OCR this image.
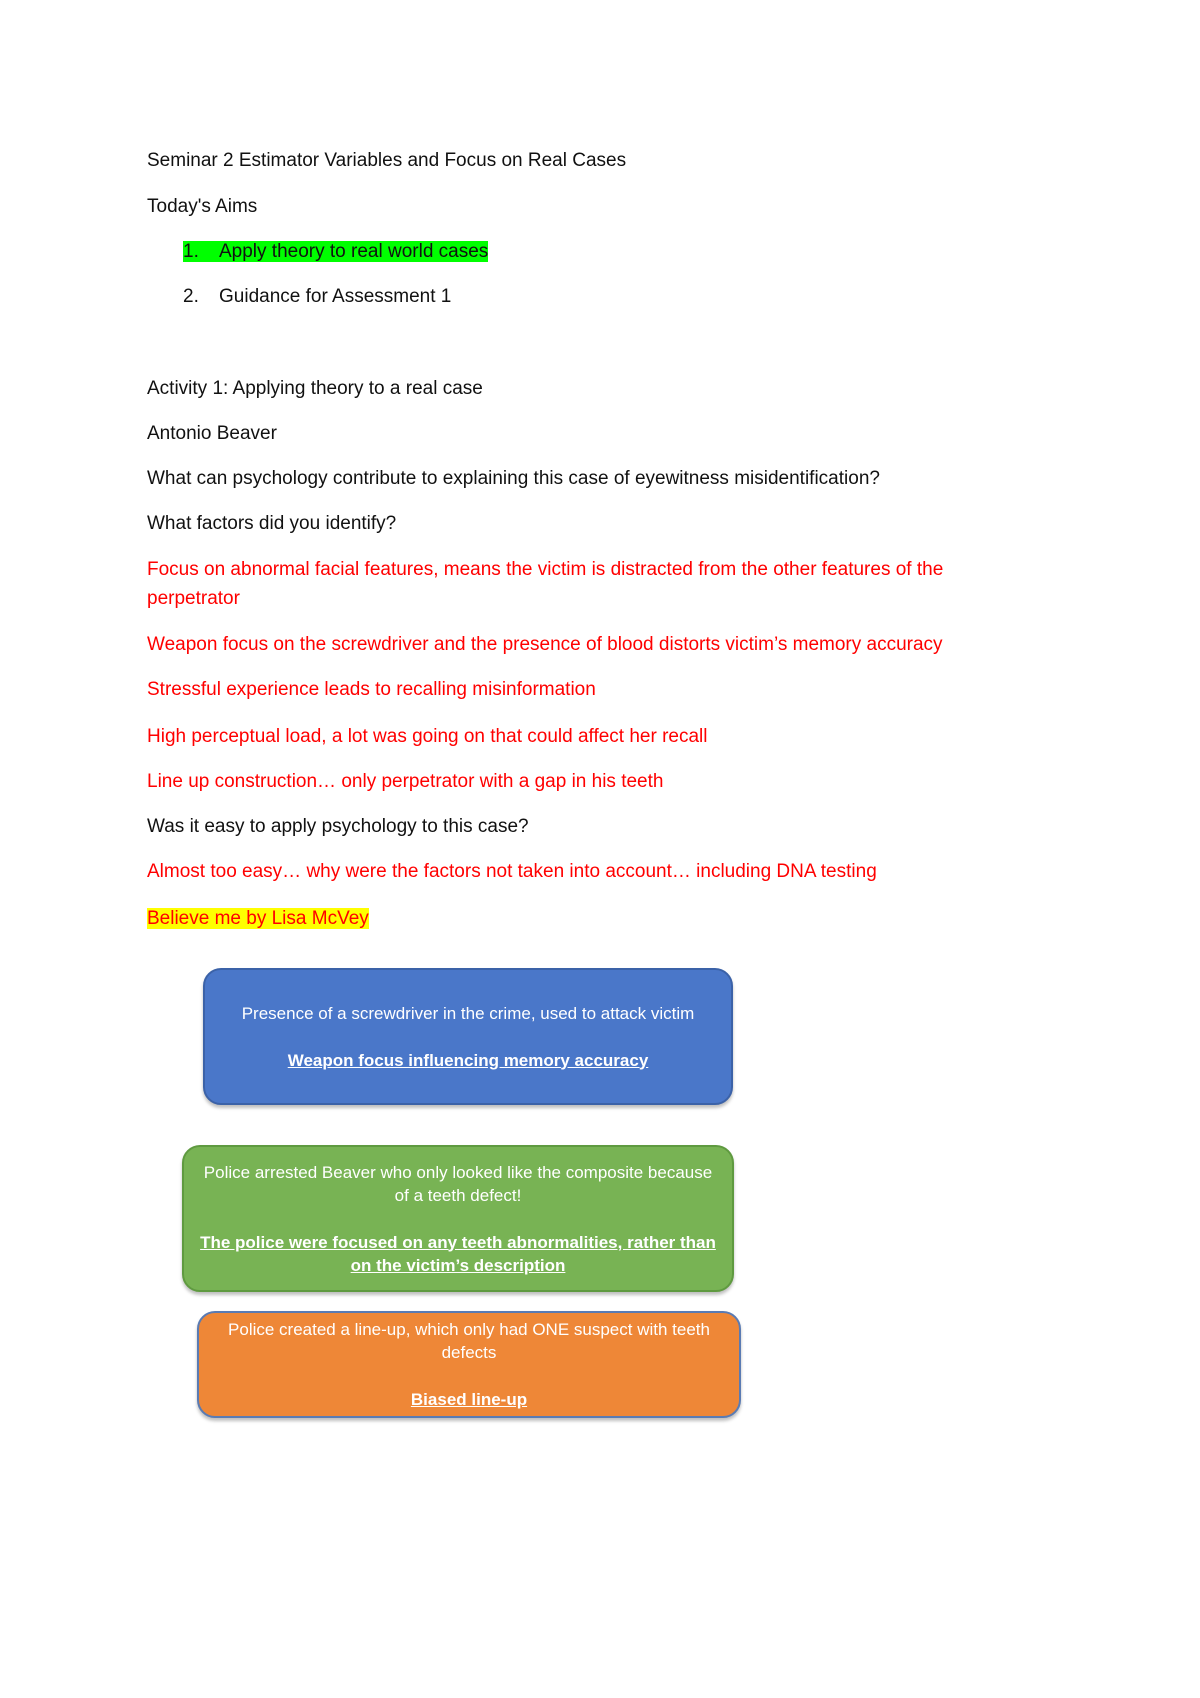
Seminar 2 Estimator Variables and Focus on Real Cases
Today's Aims
1. Apply theory to real world cases
2. Guidance for Assessment 1
Activity 1: Applying theory to a real case
Antonio Beaver
What can psychology contribute to explaining this case of eyewitness misidentification?
What factors did you identify?
Focus on abnormal facial features, means the victim is distracted from the other features of the perpetrator
Weapon focus on the screwdriver and the presence of blood distorts victim’s memory accuracy
Stressful experience leads to recalling misinformation
High perceptual load, a lot was going on that could affect her recall
Line up construction… only perpetrator with a gap in his teeth
Was it easy to apply psychology to this case?
Almost too easy… why were the factors not taken into account… including DNA testing
Believe me by Lisa McVey
Presence of a screwdriver in the crime, used to attack victim
Weapon focus influencing memory accuracy
Police arrested Beaver who only looked like the composite because of a teeth defect!
The police were focused on any teeth abnormalities, rather than on the victim’s description
Police created a line-up, which only had ONE suspect with teeth defects
Biased line-up
